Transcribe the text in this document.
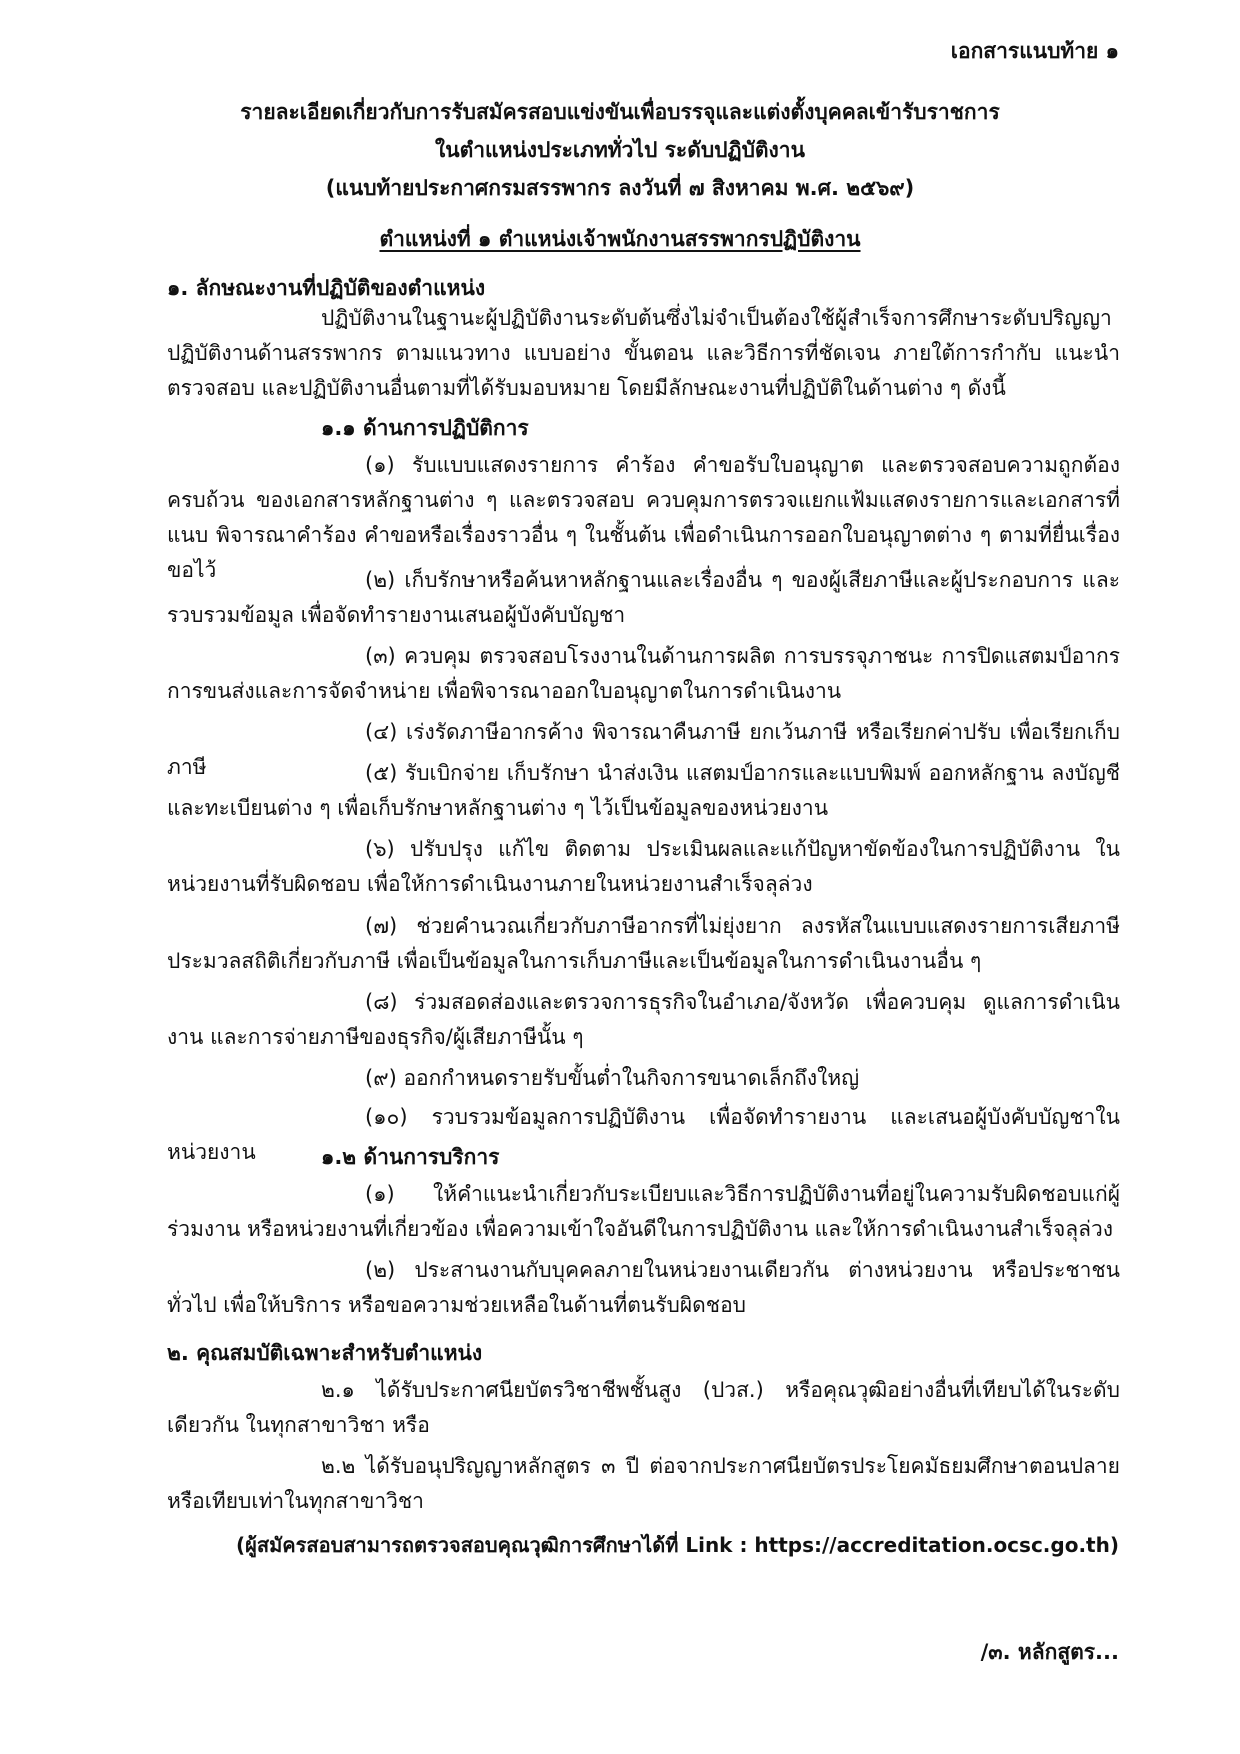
เอกสารแนบท้าย ๑
รายละเอียดเกี่ยวกับการรับสมัครสอบแข่งขันเพื่อบรรจุและแต่งตั้งบุคคลเข้ารับราชการ
ในตำแหน่งประเภททั่วไป ระดับปฏิบัติงาน
(แนบท้ายประกาศกรมสรรพากร ลงวันที่ ๗ สิงหาคม พ.ศ. ๒๕๖๙)
ตำแหน่งที่ ๑ ตำแหน่งเจ้าพนักงานสรรพากรปฏิบัติงาน
๑. ลักษณะงานที่ปฏิบัติของตำแหน่ง

ปฏิบัติงานในฐานะผู้ปฏิบัติงานระดับต้นซึ่งไม่จำเป็นต้องใช้ผู้สำเร็จการศึกษาระดับปริญญา ปฏิบัติงานด้านสรรพากร ตามแนวทาง แบบอย่าง ขั้นตอน และวิธีการที่ชัดเจน ภายใต้การกำกับ แนะนำ ตรวจสอบ และปฏิบัติงานอื่นตามที่ได้รับมอบหมาย โดยมีลักษณะงานที่ปฏิบัติในด้านต่าง ๆ ดังนี้

๑.๑ ด้านการปฏิบัติการ

(๑) รับแบบแสดงรายการ คำร้อง คำขอรับใบอนุญาต และตรวจสอบความถูกต้อง ครบถ้วน ของเอกสารหลักฐานต่าง ๆ และตรวจสอบ ควบคุมการตรวจแยกแฟ้มแสดงรายการและเอกสารที่แนบ พิจารณาคำร้อง คำขอหรือเรื่องราวอื่น ๆ ในชั้นต้น เพื่อดำเนินการออกใบอนุญาตต่าง ๆ ตามที่ยื่นเรื่องขอไว้	(๒) เก็บรักษาหรือค้นหาหลักฐานและเรื่องอื่น ๆ ของผู้เสียภาษีและผู้ประกอบการ และรวบรวมข้อมูล เพื่อจัดทำรายงานเสนอผู้บังคับบัญชา

(๓) ควบคุม ตรวจสอบโรงงานในด้านการผลิต การบรรจุภาชนะ การปิดแสตมป์อากร การขนส่งและการจัดจำหน่าย เพื่อพิจารณาออกใบอนุญาตในการดำเนินงาน

(๔) เร่งรัดภาษีอากรค้าง พิจารณาคืนภาษี ยกเว้นภาษี หรือเรียกค่าปรับ เพื่อเรียกเก็บภาษี	(๕) รับเบิกจ่าย เก็บรักษา นำส่งเงิน แสตมป์อากรและแบบพิมพ์ ออกหลักฐาน ลงบัญชี และทะเบียนต่าง ๆ เพื่อเก็บรักษาหลักฐานต่าง ๆ ไว้เป็นข้อมูลของหน่วยงาน

(๖) ปรับปรุง แก้ไข ติดตาม ประเมินผลและแก้ปัญหาขัดข้องในการปฏิบัติงาน ในหน่วยงานที่รับผิดชอบ เพื่อให้การดำเนินงานภายในหน่วยงานสำเร็จลุล่วง

(๗) ช่วยคำนวณเกี่ยวกับภาษีอากรที่ไม่ยุ่งยาก ลงรหัสในแบบแสดงรายการเสียภาษี ประมวลสถิติเกี่ยวกับภาษี เพื่อเป็นข้อมูลในการเก็บภาษีและเป็นข้อมูลในการดำเนินงานอื่น ๆ

(๘) ร่วมสอดส่องและตรวจการธุรกิจในอำเภอ/จังหวัด เพื่อควบคุม ดูแลการดำเนินงาน และการจ่ายภาษีของธุรกิจ/ผู้เสียภาษีนั้น ๆ

(๙) ออกกำหนดรายรับขั้นต่ำในกิจการขนาดเล็กถึงใหญ่

(๑๐) รวบรวมข้อมูลการปฏิบัติงาน เพื่อจัดทำรายงาน และเสนอผู้บังคับบัญชาในหน่วยงาน	๑.๒ ด้านการบริการ

(๑) ให้คำแนะนำเกี่ยวกับระเบียบและวิธีการปฏิบัติงานที่อยู่ในความรับผิดชอบแก่ผู้ร่วมงาน หรือหน่วยงานที่เกี่ยวข้อง เพื่อความเข้าใจอันดีในการปฏิบัติงาน และให้การดำเนินงานสำเร็จลุล่วง

(๒) ประสานงานกับบุคคลภายในหน่วยงานเดียวกัน ต่างหน่วยงาน หรือประชาชนทั่วไป เพื่อให้บริการ หรือขอความช่วยเหลือในด้านที่ตนรับผิดชอบ

๒. คุณสมบัติเฉพาะสำหรับตำแหน่ง

๒.๑ ได้รับประกาศนียบัตรวิชาชีพชั้นสูง (ปวส.) หรือคุณวุฒิอย่างอื่นที่เทียบได้ในระดับเดียวกัน ในทุกสาขาวิชา หรือ

๒.๒ ได้รับอนุปริญญาหลักสูตร ๓ ปี ต่อจากประกาศนียบัตรประโยคมัธยมศึกษาตอนปลาย หรือเทียบเท่าในทุกสาขาวิชา

(ผู้สมัครสอบสามารถตรวจสอบคุณวุฒิการศึกษาได้ที่ Link : https://accreditation.ocsc.go.th)
/๓. หลักสูตร...
